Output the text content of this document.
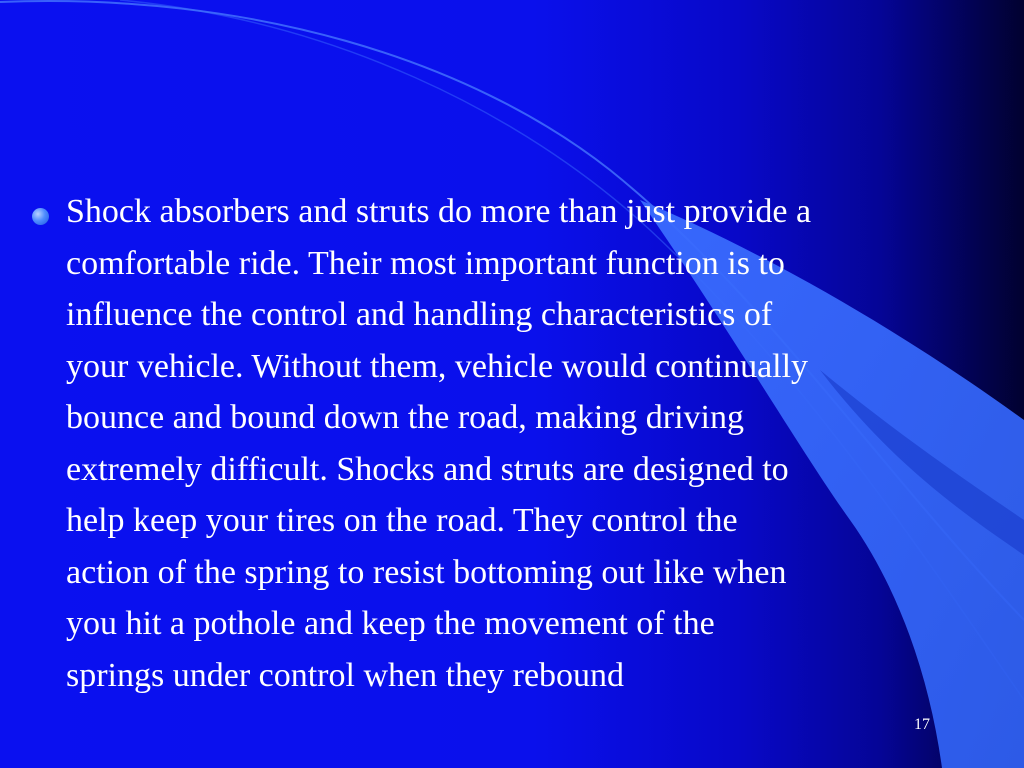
Shock absorbers and struts do more than just provide a
comfortable ride. Their most important function is to
influence the control and handling characteristics of
your vehicle. Without them, vehicle would continually
bounce and bound down the road, making driving
extremely difficult. Shocks and struts are designed to
help keep your tires on the road. They control the
action of the spring to resist bottoming out like when
you hit a pothole and keep the movement of the
springs under control when they rebound
17
